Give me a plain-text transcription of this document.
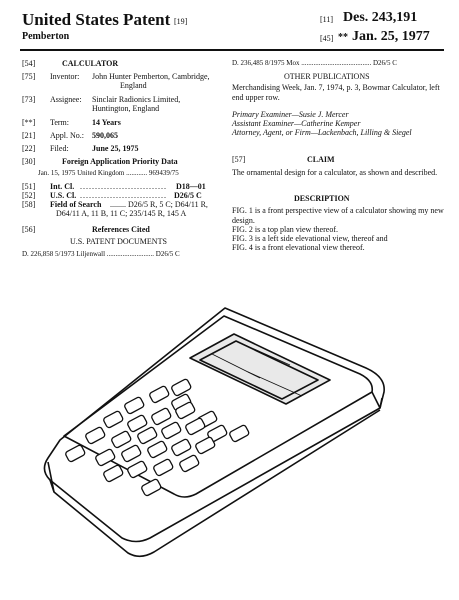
United States Patent [19]
Pemberton
[11] Des. 243,191
[45] ** Jan. 25, 1977
[54]	CALCULATOR
[75] Inventor: John Hunter Pemberton, Cambridge,
England
[73] Assignee: Sinclair Radionics Limited,
Huntington, England
[**] Term:	14 Years
[21] Appl. No.: 590,065
[22] Filed:	June 25, 1975
[30]	Foreign Application Priority Data
Jan. 15, 1975 United Kingdom ............ 969439/75
[51] Int. Cl. ............................. D18—01
[52] U.S. Cl. ............................. D26/5 C
[58] Field of Search ........ D26/5 R, 5 C; D64/11 R,
D64/11 A, 11 B, 11 C; 235/145 R, 145 A
[56]	References Cited
U.S. PATENT DOCUMENTS
D. 226,858 5/1973 Liljenwall ........................... D26/5 C
D. 236,485 8/1975 Mox ........................................ D26/5 C
OTHER PUBLICATIONS
Merchandising Week, Jan. 7, 1974, p. 3, Bowmar Calculator, left end upper row.
Primary Examiner—Susie J. Mercer
Assistant Examiner—Catherine Kemper
Attorney, Agent, or Firm—Lackenbach, Lilling & Siegel
[57]	CLAIM
The ornamental design for a calculator, as shown and described.
DESCRIPTION
FIG. 1 is a front perspective view of a calculator showing my new design.
FIG. 2 is a top plan view thereof.
FIG. 3 is a left side elevational view, thereof and
FIG. 4 is a front elevational view thereof.
